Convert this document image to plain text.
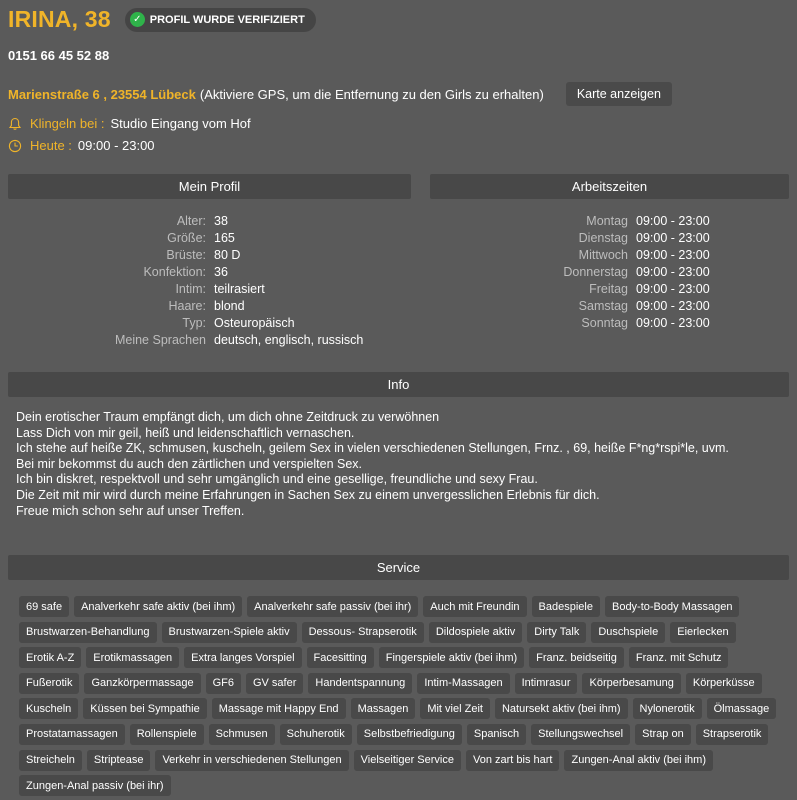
IRINA, 38	✓ PROFIL WURDE VERIFIZIERT
0151 66 45 52 88
Marienstraße 6 , 23554 Lübeck (Aktiviere GPS, um die Entfernung zu den Girls zu erhalten)	Karte anzeigen
Klingeln bei : Studio Eingang vom Hof
Heute : 09:00 - 23:00
Mein Profil	Arbeitszeiten
Alter: 38
Größe: 165
Brüste: 80 D
Konfektion: 36
Intim: teilrasiert
Haare: blond
Typ: Osteuropäisch
Meine Sprachen deutsch, englisch, russisch
Montag 09:00 - 23:00
Dienstag 09:00 - 23:00
Mittwoch 09:00 - 23:00
Donnerstag 09:00 - 23:00
Freitag 09:00 - 23:00
Samstag 09:00 - 23:00
Sonntag 09:00 - 23:00
Info
Dein erotischer Traum empfängt dich, um dich ohne Zeitdruck zu verwöhnen
Lass Dich von mir geil, heiß und leidenschaftlich vernaschen.
Ich stehe auf heiße ZK, schmusen, kuscheln, geilem Sex in vielen verschiedenen Stellungen, Frnz. , 69, heiße F*ng*rspi*le, uvm.
Bei mir bekommst du auch den zärtlichen und verspielten Sex.
Ich bin diskret, respektvoll und sehr umgänglich und eine gesellige, freundliche und sexy Frau.
Die Zeit mit mir wird durch meine Erfahrungen in Sachen Sex zu einem unvergesslichen Erlebnis für dich.
Freue mich schon sehr auf unser Treffen.
Service
69 safe	Analverkehr safe aktiv (bei ihm)	Analverkehr safe passiv (bei ihr)	Auch mit Freundin	Badespiele	Body-to-Body Massagen
Brustwarzen-Behandlung	Brustwarzen-Spiele aktiv	Dessous- Strapserotik	Dildospiele aktiv	Dirty Talk	Duschspiele	Eierlecken
Erotik A-Z	Erotikmassagen	Extra langes Vorspiel	Facesitting	Fingerspiele aktiv (bei ihm)	Franz. beidseitig	Franz. mit Schutz
Fußerotik	Ganzkörpermassage	GF6	GV safer	Handentspannung	Intim-Massagen	Intimrasur	Körperbesamung	Körperküsse
Kuscheln	Küssen bei Sympathie	Massage mit Happy End	Massagen	Mit viel Zeit	Natursekt aktiv (bei ihm)	Nylonerotik	Ölmassage
Prostatamassagen	Rollenspiele	Schmusen	Schuherotik	Selbstbefriedigung	Spanisch	Stellungswechsel	Strap on	Strapserotik
Streicheln	Striptease	Verkehr in verschiedenen Stellungen	Vielseitiger Service	Von zart bis hart	Zungen-Anal aktiv (bei ihm)
Zungen-Anal passiv (bei ihr)
